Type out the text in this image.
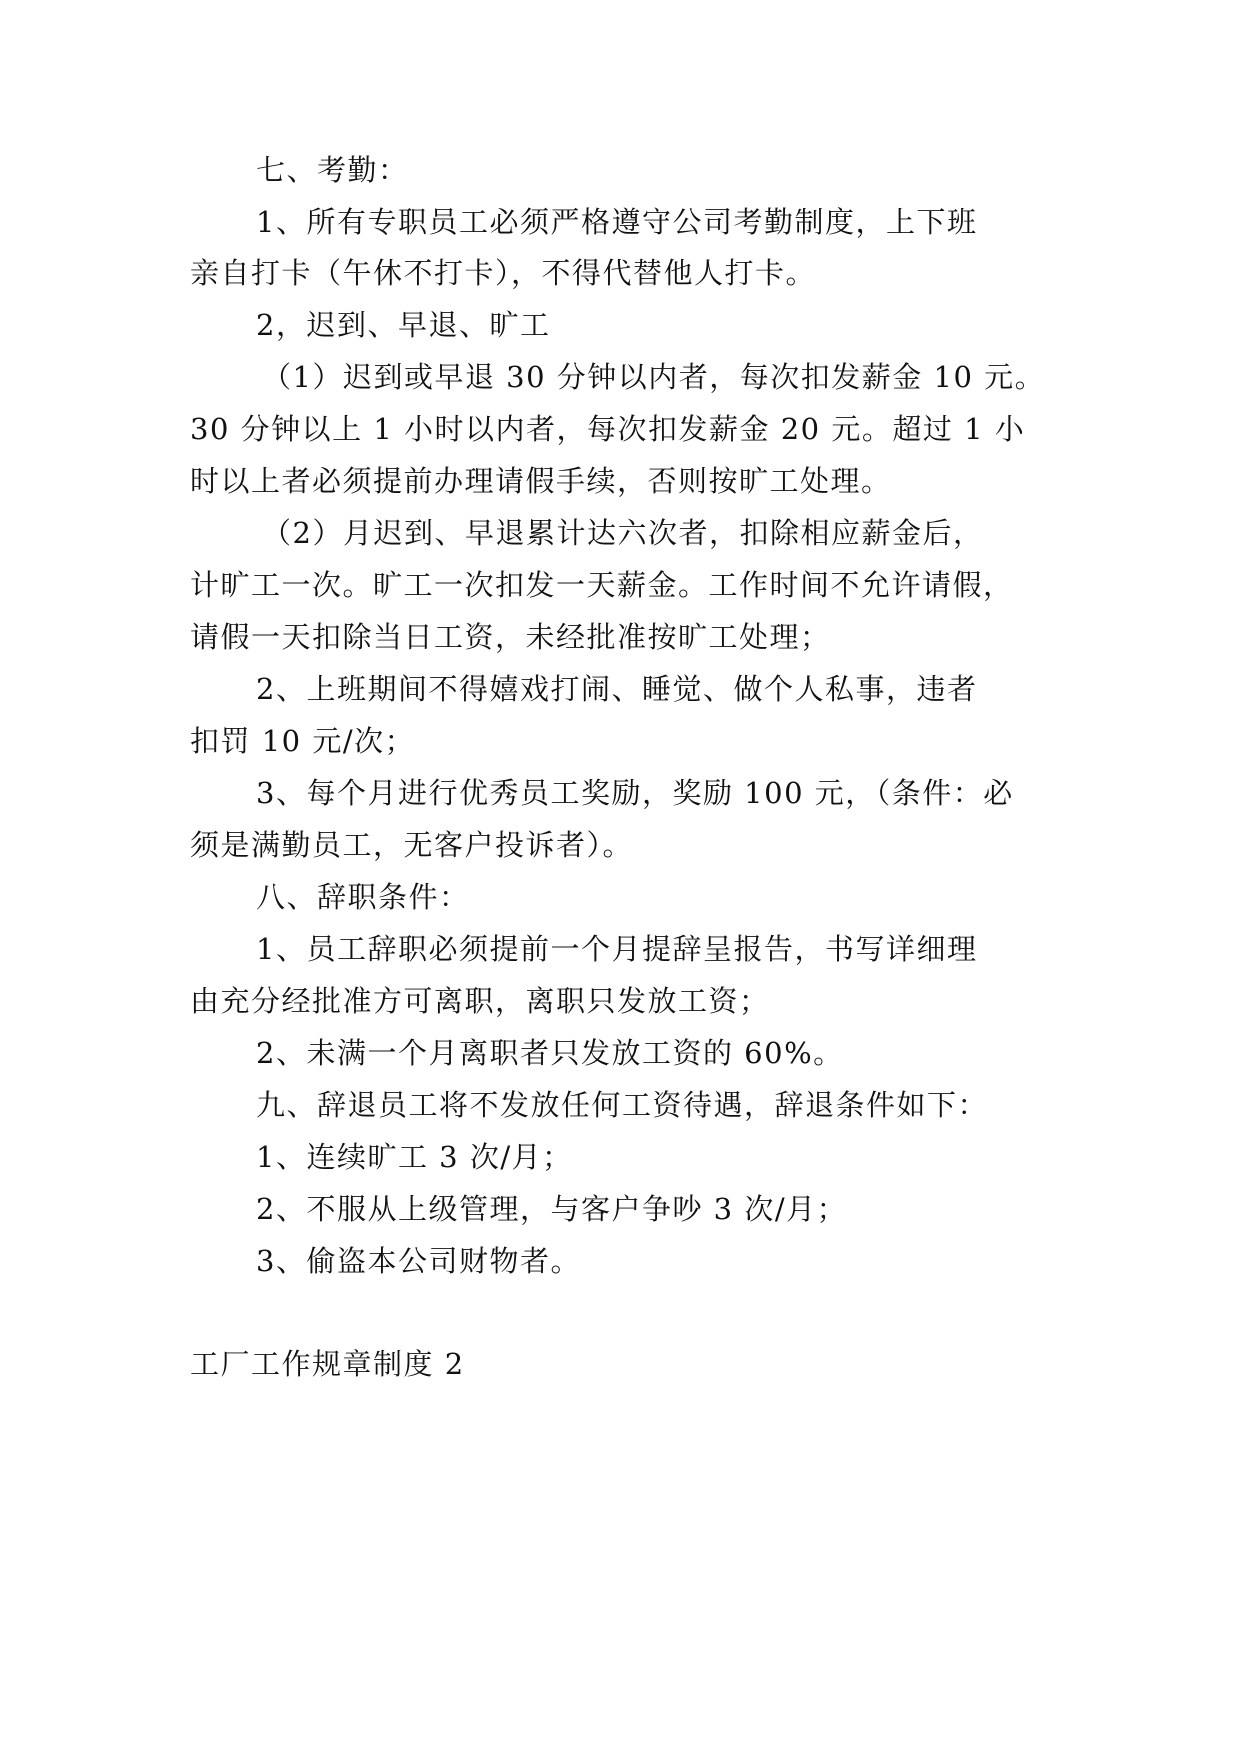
七、考勤：

1、所有专职员工必须严格遵守公司考勤制度，上下班

亲自打卡（午休不打卡），不得代替他人打卡。

2，迟到、早退、旷工

（1）迟到或早退 30 分钟以内者，每次扣发薪金 10 元。

30 分钟以上 1 小时以内者，每次扣发薪金 20 元。超过 1 小

时以上者必须提前办理请假手续，否则按旷工处理。

（2）月迟到、早退累计达六次者，扣除相应薪金后，

计旷工一次。旷工一次扣发一天薪金。工作时间不允许请假，

请假一天扣除当日工资，未经批准按旷工处理；

2、上班期间不得嬉戏打闹、睡觉、做个人私事，违者

扣罚 10 元/次；

3、每个月进行优秀员工奖励，奖励 100 元，（条件：必

须是满勤员工，无客户投诉者）。

八、辞职条件：

1、员工辞职必须提前一个月提辞呈报告，书写详细理

由充分经批准方可离职，离职只发放工资；

2、未满一个月离职者只发放工资的 60%。

九、辞退员工将不发放任何工资待遇，辞退条件如下：

1、连续旷工 3 次/月；

2、不服从上级管理，与客户争吵 3 次/月；

3、偷盗本公司财物者。

工厂工作规章制度 2
